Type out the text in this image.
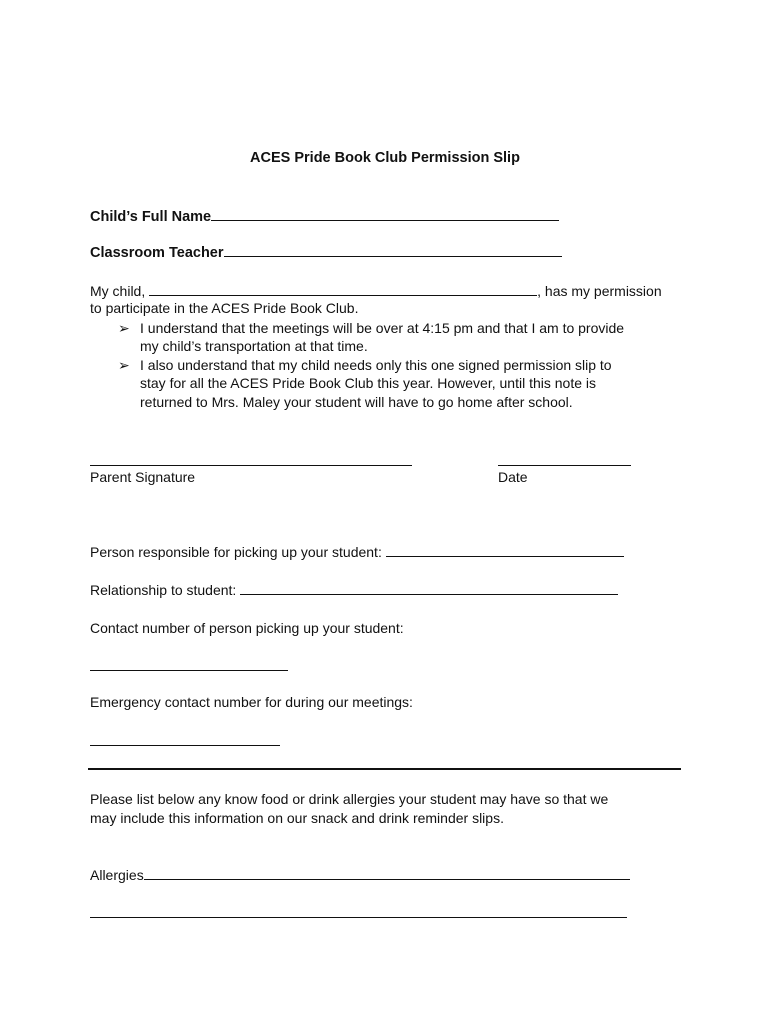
ACES Pride Book Club Permission Slip
Child’s Full Name
Classroom Teacher
My child,	, has my permission
to participate in the ACES Pride Book Club.
➢ I understand that the meetings will be over at 4:15 pm and that I am to provide
my child’s transportation at that time.
➢ I also understand that my child needs only this one signed permission slip to
stay for all the ACES Pride Book Club this year. However, until this note is
returned to Mrs. Maley your student will have to go home after school.
Parent Signature	Date
Person responsible for picking up your student:
Relationship to student:
Contact number of person picking up your student:
Emergency contact number for during our meetings:
Please list below any know food or drink allergies your student may have so that we
may include this information on our snack and drink reminder slips.
Allergies
